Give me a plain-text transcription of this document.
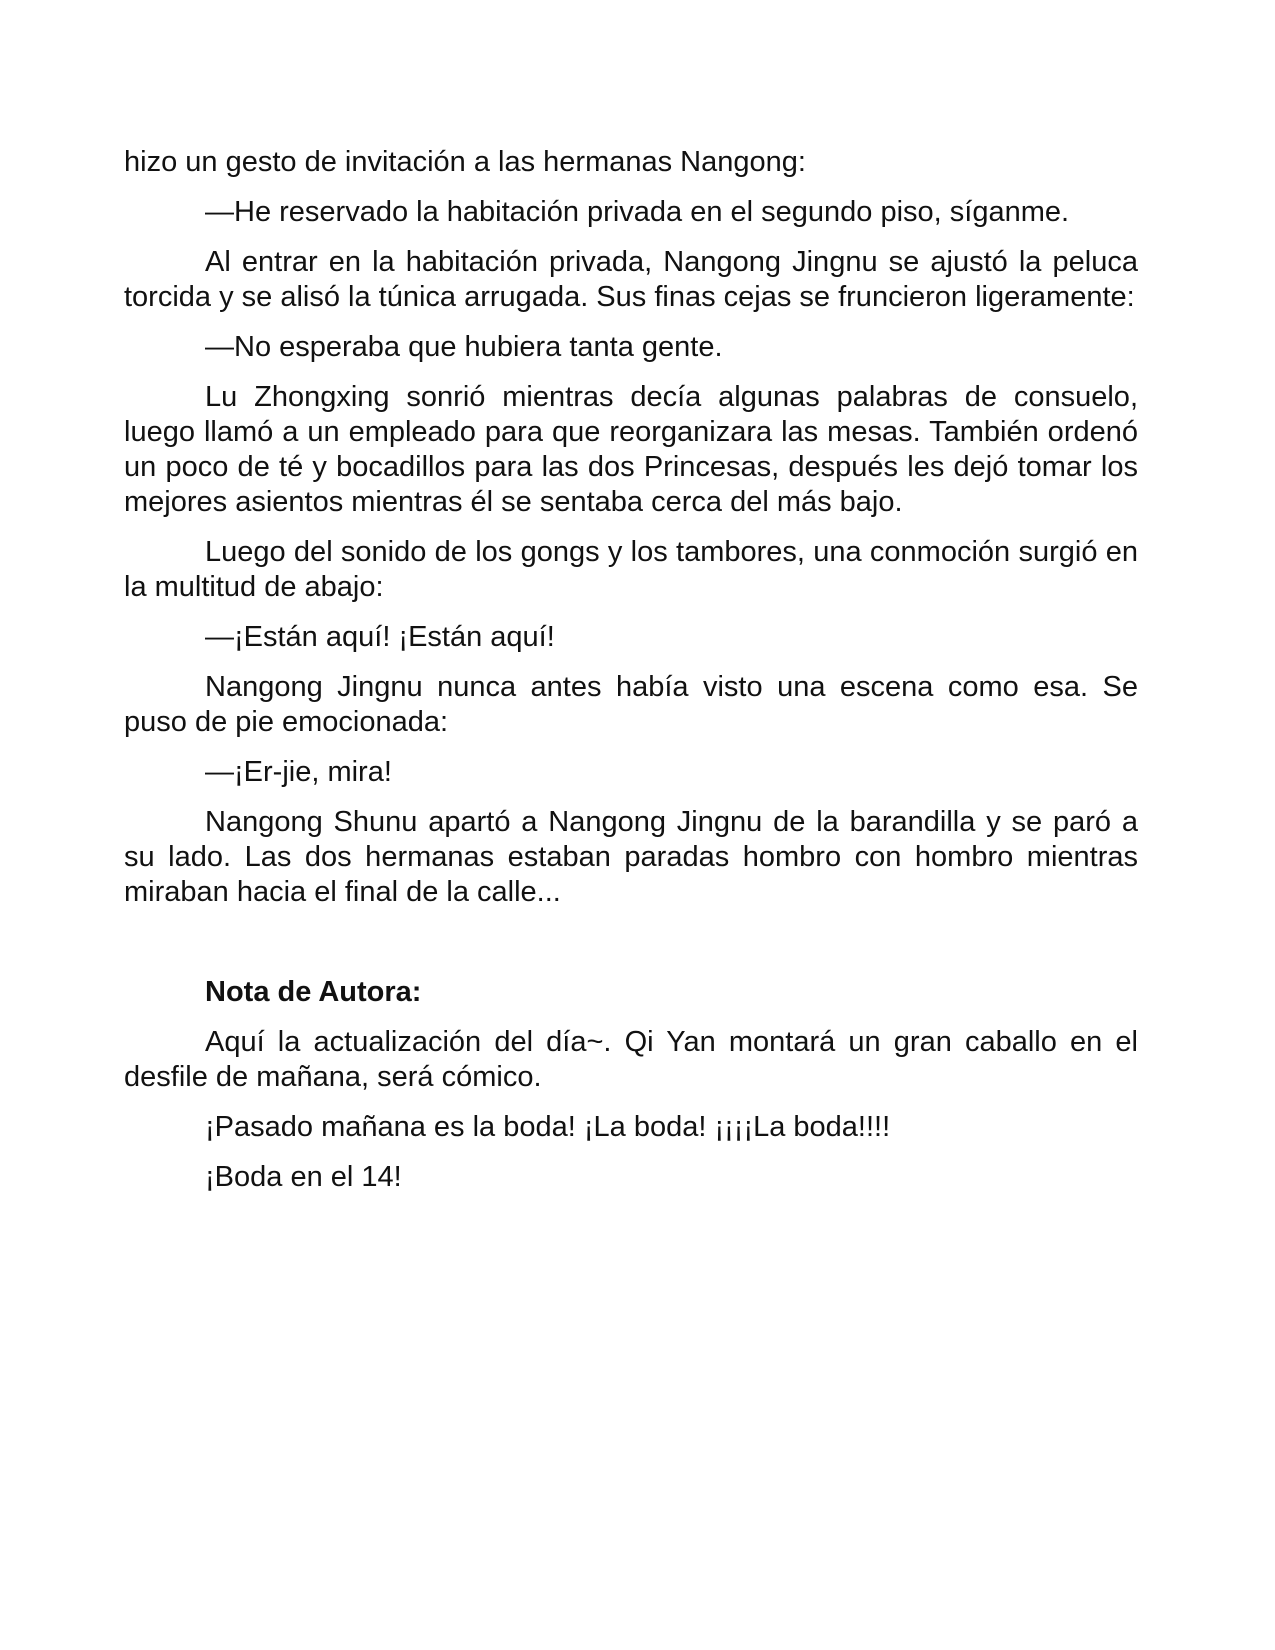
hizo un gesto de invitación a las hermanas Nangong:

—He reservado la habitación privada en el segundo piso, síganme.

Al entrar en la habitación privada, Nangong Jingnu se ajustó la peluca torcida y se alisó la túnica arrugada. Sus finas cejas se fruncieron ligeramente:

—No esperaba que hubiera tanta gente.

Lu Zhongxing sonrió mientras decía algunas palabras de consuelo, luego llamó a un empleado para que reorganizara las mesas. También ordenó un poco de té y bocadillos para las dos Princesas, después les dejó tomar los mejores asientos mientras él se sentaba cerca del más bajo.

Luego del sonido de los gongs y los tambores, una conmoción surgió en la multitud de abajo:

—¡Están aquí! ¡Están aquí!

Nangong Jingnu nunca antes había visto una escena como esa. Se puso de pie emocionada:

—¡Er-jie, mira!

Nangong Shunu apartó a Nangong Jingnu de la barandilla y se paró a su lado. Las dos hermanas estaban paradas hombro con hombro mientras miraban hacia el final de la calle...

Nota de Autora:

Aquí la actualización del día~. Qi Yan montará un gran caballo en el desfile de mañana, será cómico.

¡Pasado mañana es la boda! ¡La boda! ¡¡¡¡La boda!!!!

¡Boda en el 14!
